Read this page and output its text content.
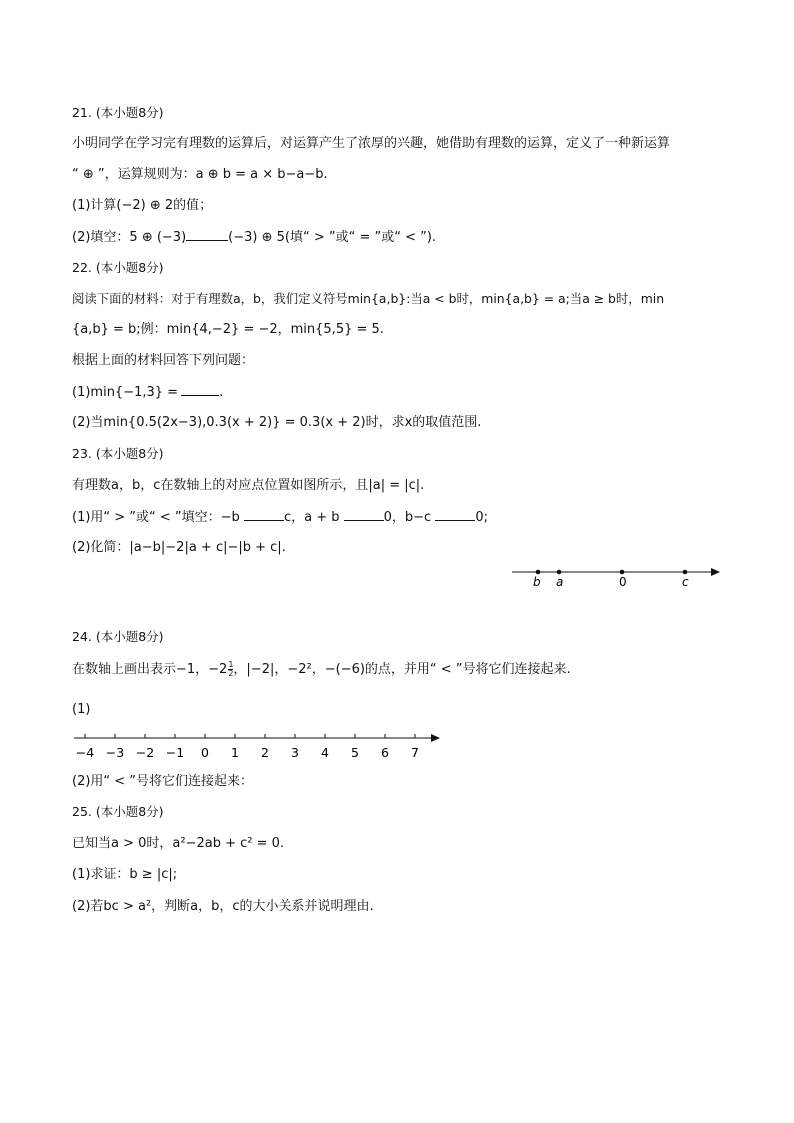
21. (本小题8分)
小明同学在学习完有理数的运算后，对运算产生了浓厚的兴趣，她借助有理数的运算，定义了一种新运算
“ ⊕ ”，运算规则为：a ⊕ b = a × b−a−b.
(1)计算(−2) ⊕ 2的值；
(2)填空：5 ⊕ (−3)	(−3) ⊕ 5(填“ > ”或“ = ”或“ < ”).
22. (本小题8分)
阅读下面的材料：对于有理数a，b，我们定义符号min{a,b}:当a < b时，min{a,b} = a;当a ≥ b时，min
{a,b} = b;例：min{4,−2} = −2，min{5,5} = 5.
根据上面的材料回答下列问题：
(1)min{−1,3} =	.
(2)当min{0.5(2x−3),0.3(x + 2)} = 0.3(x + 2)时，求x的取值范围.
23. (本小题8分)
有理数a，b，c在数轴上的对应点位置如图所示，且|a| = |c|.
(1)用“ > ”或“ < ”填空：−b	c，a + b	0，b−c	0;
(2)化简：|a−b|−2|a + c|−|b + c|.
b a	0	c
24. (本小题8分)
在数轴上画出表示−1，$-2 \frac{1}{2}$ ，|−2|，−2²，−(−6)的点，并用“ < ”号将它们连接起来.
(1)
−4 −3 −2 −1 0 1 2 3 4 5 6 7
(2)用“ < ”号将它们连接起来：
25. (本小题8分)
已知当a > 0时，a²−2ab + c² = 0.
(1)求证：b ≥ |c|;
(2)若bc > a²，判断a，b，c的大小关系并说明理由.
